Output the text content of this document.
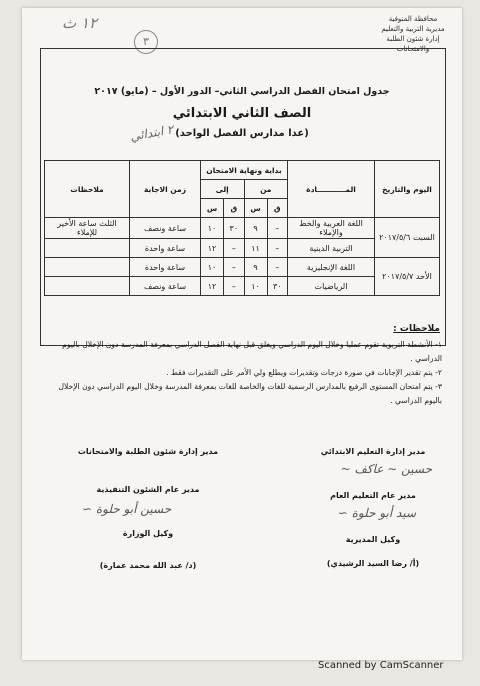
محافظة المنوفية
مديرية التربية والتعليم
إدارة شئون الطلبة والامتحانات
١٢ ث
٣
جدول امتحان الفصل الدراسي الثاني– الدور الأول – (مايو) ٢٠١٧
الصف الثاني الابتدائي
(عدا مدارس الفصل الواحد)
٢ ابتدائي
اليوم والتاريخ	المـــــــــــادة	بداية ونهاية الامتحان				زمن الاجابة	ملاحظات
		من		إلى			
		ق	س	ق	س		
السبت ٢٠١٧/٥/٦	اللغة العربية والخط والإملاء	–	٩	٣٠	١٠	ساعة ونصف	الثلث ساعة الأخير للإملاء
	التربية الدينية	–	١١	–	١٢	ساعة واحدة	
الأحد ٢٠١٧/٥/٧	اللغة الإنجليزية	–	٩	–	١٠	ساعة واحدة	
	الرياضيات	٣٠	١٠	–	١٢	ساعة ونصف	
ملاحظات :
١- الأنشطة التربوية تقوم عمليا وخلال اليوم الدراسي ويغلق قبل نهاية الفصل الدراسي بمعرفة المدرسة دون الإخلال باليوم الدراسي .
٢- يتم تقدير الإجابات في صورة درجات وتقديرات ويطلع ولي الأمر على التقديرات فقط .
٣- يتم امتحان المستوى الرفيع بالمدارس الرسمية للغات والخاصة للغات بمعرفة المدرسة وخلال اليوم الدراسي دون الإخلال باليوم الدراسي .
مدير إدارة التعليم الابتدائي
~ حسين ∽ عاكف
مدير عام التعليم العام
∽ سيد أبو حلوة
وكيل المديرية
(أ/ رضا السيد الرشيدي)
مدير إدارة شئون الطلبة والامتحانات
مدير عام الشئون التنفيذية
∽ حسين أبو حلوة
وكيل الوزارة
(د/ عبد الله محمد عمارة)
Scanned by CamScanner
